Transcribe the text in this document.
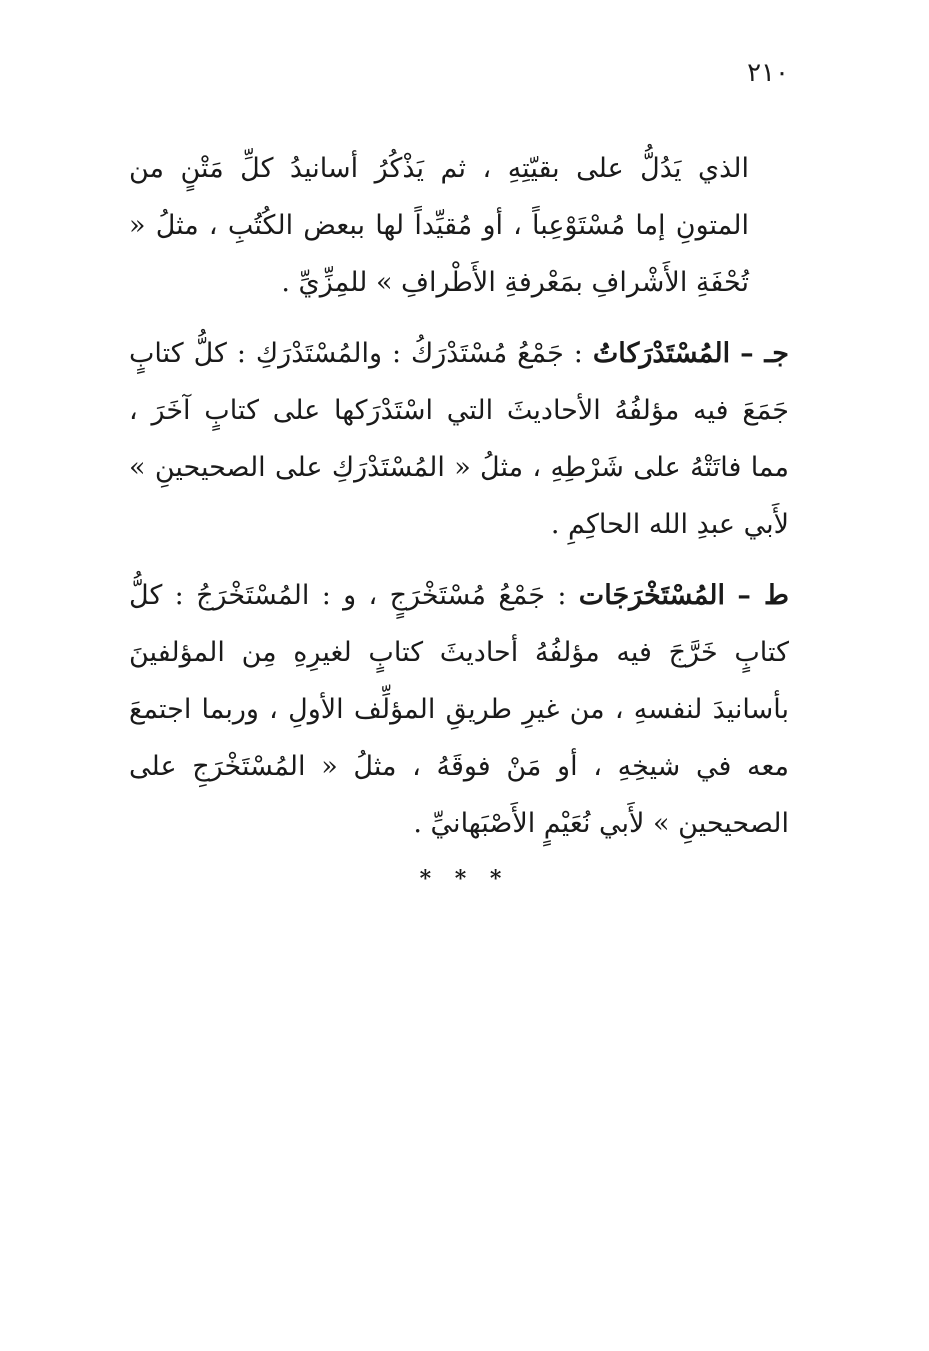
٢١٠

الذي يَدُلُّ على بقيّتِهِ ، ثم يَذْكُرُ أسانيدُ كلِّ مَتْنٍ من المتونِ إما مُسْتَوْعِباً ، أو مُقيِّداً لها ببعض الكُتُبِ ، مثلُ « تُحْفَةِ الأَشْرافِ بمَعْرفةِ الأَطْرافِ » للمِزِّيِّ .

جـ – المُسْتَدْرَكاتُ : جَمْعُ مُسْتَدْرَكُ : والمُسْتَدْرَكِ : كلُّ كتابٍ جَمَعَ فيه مؤلفُهُ الأحاديثَ التي اسْتَدْرَكها على كتابٍ آخَرَ ، مما فاتَتْهُ على شَرْطِهِ ، مثلُ « المُسْتَدْرَكِ على الصحيحينِ » لأَبي عبدِ الله الحاكِمِ .
ط – المُسْتَخْرَجَات : جَمْعُ مُسْتَخْرَجٍ ، و : المُسْتَخْرَجُ : كلُّ كتابٍ خَرَّجَ فيه مؤلفُهُ أحاديثَ كتابٍ لغيرِهِ مِن المؤلفينَ بأسانيدَ لنفسهِ ، من غيرِ طريقِ المؤلِّف الأولِ ، وربما اجتمعَ معه في شيخِهِ ، أو مَنْ فوقَهُ ، مثلُ « المُسْتَخْرَجِ على الصحيحينِ » لأَبي نُعَيْمٍ الأَصْبَهانيِّ .
* * *
